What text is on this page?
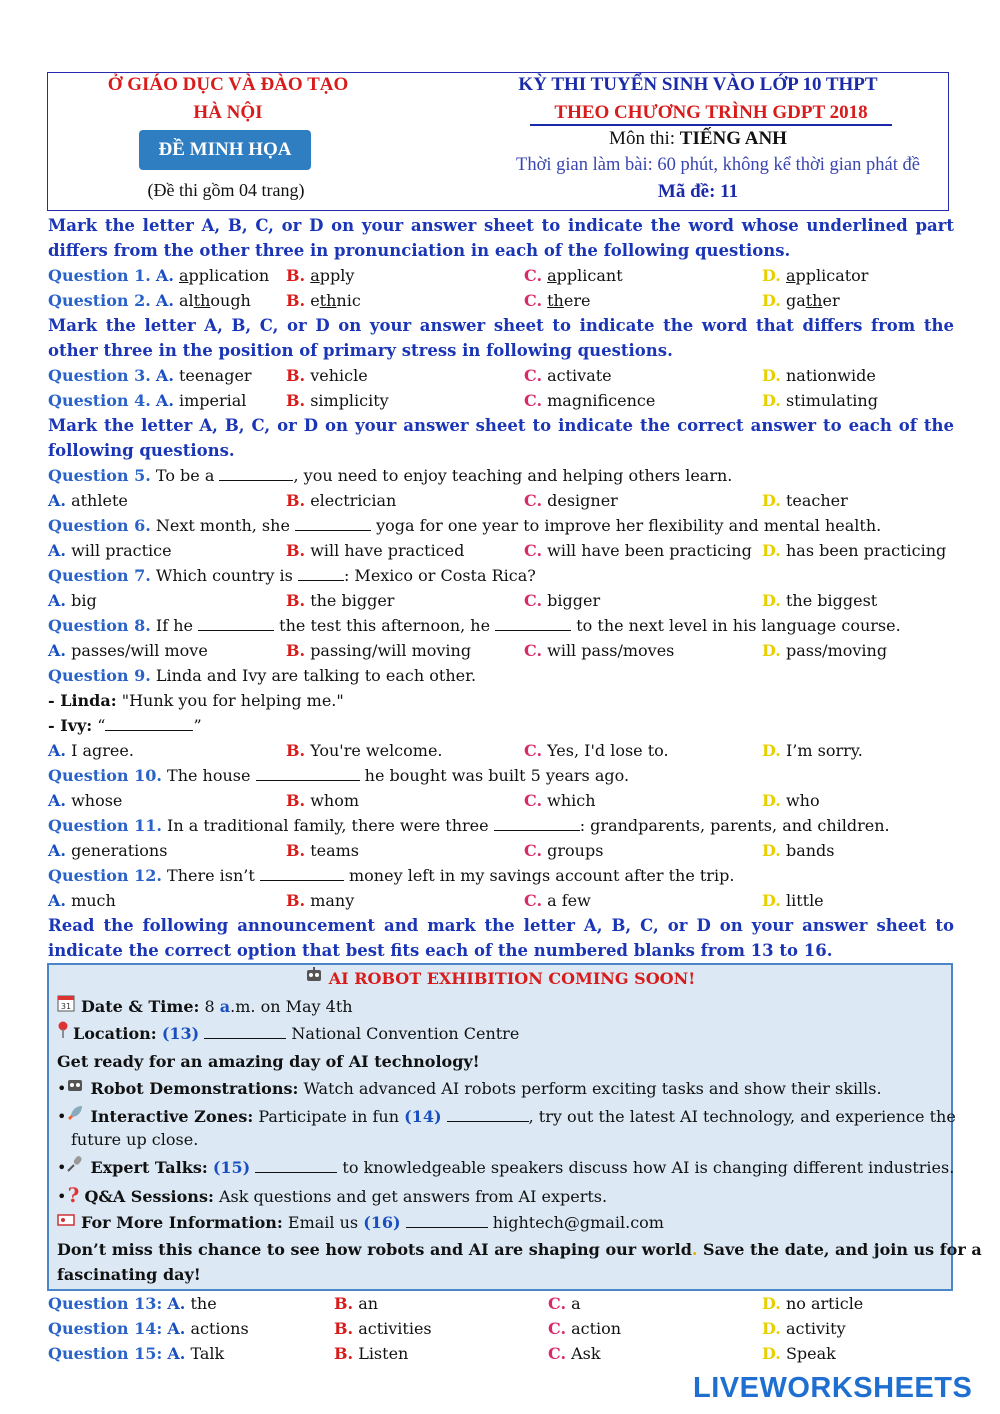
Ở GIÁO DỤC VÀ ĐÀO TẠO
HÀ NỘI
ĐỀ MINH HỌA
(Đề thi gồm 04 trang)
KỲ THI TUYỂN SINH VÀO LỚP 10 THPT
THEO CHƯƠNG TRÌNH GDPT 2018
Môn thi: TIẾNG ANH
Thời gian làm bài: 60 phút, không kể thời gian phát đề
Mã đề: 11
Mark the letter A, B, C, or D on your answer sheet to indicate the word whose underlined part differs from the other three in pronunciation in each of the following questions.
Question 1. A. application B. apply	C. applicant	D. applicator
Question 2. A. although B. ethnic	C. there	D. gather
Mark the letter A, B, C, or D on your answer sheet to indicate the word that differs from the other three in the position of primary stress in following questions.
Question 3. A. teenager B. vehicle	C. activate	D. nationwide
Question 4. A. imperial B. simplicity	C. magnificence	D. stimulating
Mark the letter A, B, C, or D on your answer sheet to indicate the correct answer to each of the following questions.
Question 5. To be a	, you need to enjoy teaching and helping others learn.
A. athlete	B. electrician	C. designer	D. teacher
Question 6. Next month, she	yoga for one year to improve her flexibility and mental health.
A. will practice	B. will have practiced	C. will have been practicing D. has been practicing
Question 7. Which country is	: Mexico or Costa Rica?
A. big	B. the bigger	C. bigger	D. the biggest
Question 8. If he	the test this afternoon, he	to the next level in his language course.
A. passes/will move	B. passing/will moving	C. will pass/moves	D. pass/moving
Question 9. Linda and Ivy are talking to each other.
- Linda: "Hunk you for helping me."
- Ivy: “	”
A. I agree.	B. You're welcome.	C. Yes, I'd lose to.	D. I’m sorry.
Question 10. The house	he bought was built 5 years ago.
A. whose	B. whom	C. which	D. who
Question 11. In a traditional family, there were three	: grandparents, parents, and children.
A. generations	B. teams	C. groups	D. bands
Question 12. There isn’t	money left in my savings account after the trip.
A. much	B. many	C. a few	D. little
Read the following announcement and mark the letter A, B, C, or D on your answer sheet to indicate the correct option that best fits each of the numbered blanks from 13 to 16.
AI ROBOT EXHIBITION COMING SOON!
31 Date & Time: 8 a.m. on May 4th
Location: (13)	National Convention Centre
Get ready for an amazing day of AI technology!
• Robot Demonstrations: Watch advanced AI robots perform exciting tasks and show their skills.
• Interactive Zones: Participate in fun (14)	, try out the latest AI technology, and experience the
future up close.
• Expert Talks: (15)	to knowledgeable speakers discuss how AI is changing different industries.
•? Q&A Sessions: Ask questions and get answers from AI experts.
For More Information: Email us (16)	hightech@gmail.com
Don’t miss this chance to see how robots and AI are shaping our world. Save the date, and join us for a
fascinating day!
Question 13: A. the	B. an	C. a	D. no article
Question 14: A. actions	B. activities	C. action	D. activity
Question 15: A. Talk	B. Listen	C. Ask	D. Speak
LIVEWORKSHEETS
